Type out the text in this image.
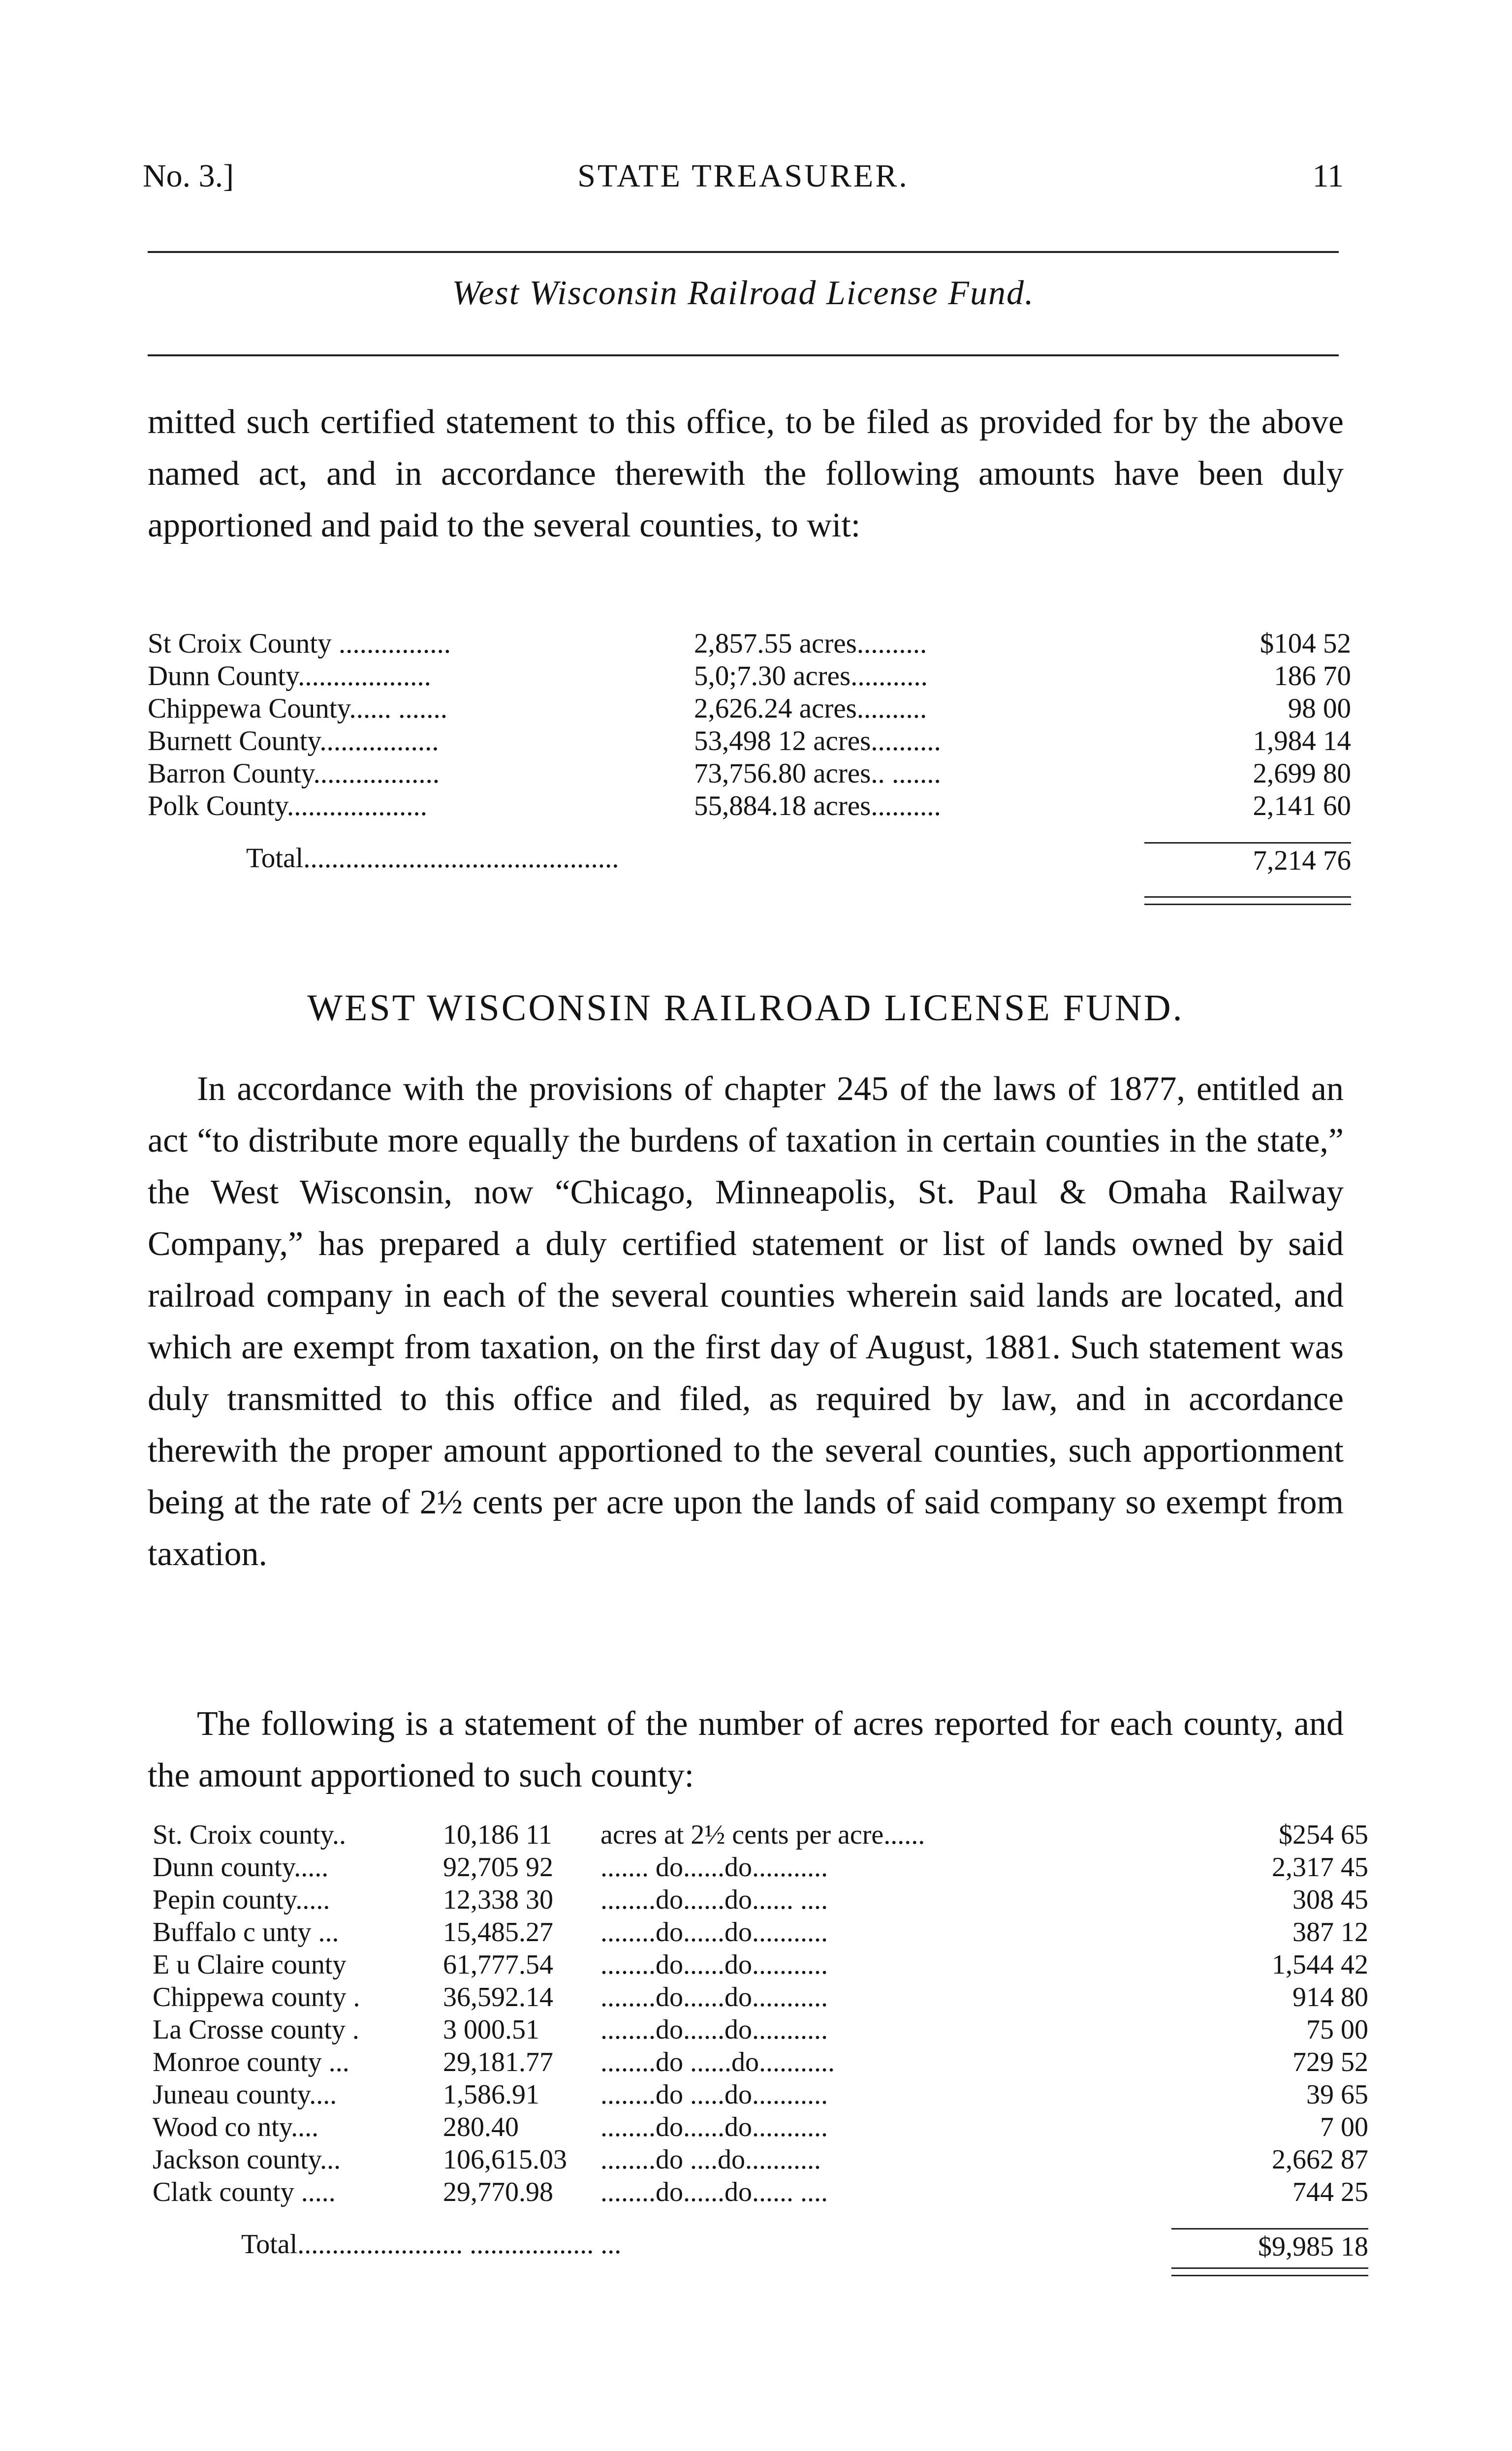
No. 3.]	STATE TREASURER.	11
West Wisconsin Railroad License Fund.
mitted such certified statement to this office, to be filed as provided for by the above named act, and in accordance therewith the following amounts have been duly apportioned and paid to the several counties, to wit:
St Croix County ................	2,857.55 acres..........	$104 52
Dunn County...................	5,0;7.30 acres...........	186 70
Chippewa County...... .......	2,626.24 acres..........	98 00
Burnett County.................	53,498 12 acres..........	1,984 14
Barron County..................	73,756.80 acres.. .......	2,699 80
Polk County....................	55,884.18 acres..........	2,141 60
Total.............................................	7,214 76
WEST WISCONSIN RAILROAD LICENSE FUND.
In accordance with the provisions of chapter 245 of the laws of 1877, entitled an act “to distribute more equally the burdens of taxation in certain counties in the state,” the West Wisconsin, now “Chicago, Minneapolis, St. Paul & Omaha Railway Company,” has prepared a duly certified statement or list of lands owned by said railroad company in each of the several counties wherein said lands are located, and which are exempt from taxation, on the first day of August, 1881. Such statement was duly transmitted to this office and filed, as required by law, and in accordance therewith the proper amount apportioned to the several counties, such apportionment being at the rate of 2½ cents per acre upon the lands of said company so exempt from taxation.
The following is a statement of the number of acres reported for each county, and the amount apportioned to such county:
St. Croix county..	10,186 11 acres at 2½ cents per acre......	$254 65
Dunn county.....	92,705 92 ....... do......do...........	2,317 45
Pepin county.....	12,338 30 ........do......do...... ....	308 45
Buffalo c unty ...	15,485.27 ........do......do...........	387 12
E u Claire county	61,777.54 ........do......do...........	1,544 42
Chippewa county .	36,592.14 ........do......do...........	914 80
La Crosse county .	3 000.51 ........do......do...........	75 00
Monroe county ...	29,181.77 ........do ......do...........	729 52
Juneau county....	1,586.91 ........do .....do...........	39 65
Wood co nty....	280.40	........do......do...........	7 00
Jackson county...	106,615.03 ........do ....do...........	2,662 87
Clatk county .....	29,770.98 ........do......do...... ....	744 25
Total........................ .................. ...	$9,985 18
